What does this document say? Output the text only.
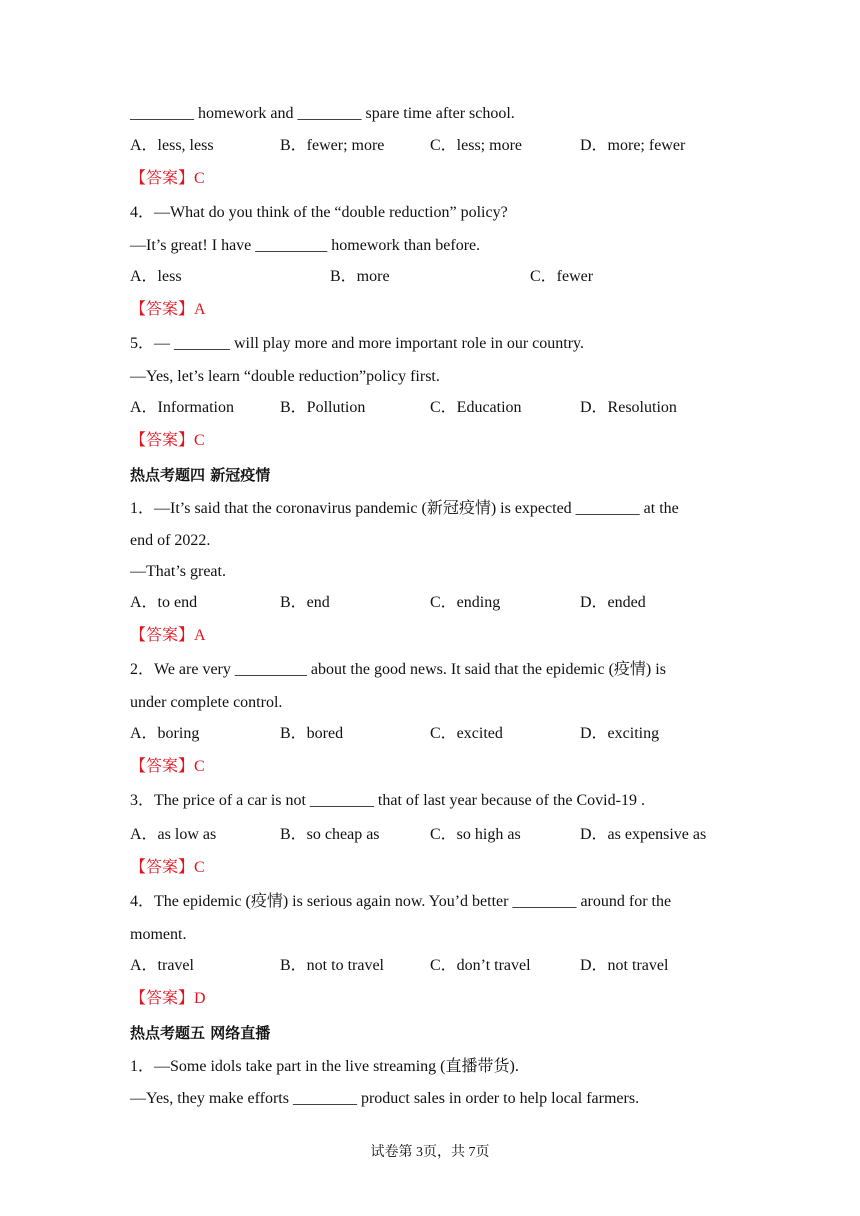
________ homework and ________ spare time after school.
A．less, less	B．fewer; more	C．less; more	D．more; fewer
【答案】C
4．—What do you think of the “double reduction” policy?
—It’s great! I have _________ homework than before.
A．less	B．more	C．fewer
【答案】A
5．— _______ will play more and more important role in our country.
—Yes, let’s learn “double reduction”policy first.
A．Information	B．Pollution	C．Education	D．Resolution
【答案】C
热点考题四 新冠疫情
1．—It’s said that the coronavirus pandemic (新冠疫情) is expected ________ at the
end of 2022.
—That’s great.
A．to end	B．end	C．ending	D．ended
【答案】A
2．We are very _________ about the good news. It said that the epidemic (疫情) is
under complete control.
A．boring	B．bored	C．excited	D．exciting
【答案】C
3．The price of a car is not ________ that of last year because of the Covid-19 .
A．as low as	B．so cheap as	C．so high as	D．as expensive as
【答案】C
4．The epidemic (疫情) is serious again now. You’d better ________ around for the
moment.
A．travel	B．not to travel	C．don’t travel	D．not travel
【答案】D
热点考题五 网络直播
1．—Some idols take part in the live streaming (直播带货).
—Yes, they make efforts ________ product sales in order to help local farmers.
试卷第 3页，共 7页
